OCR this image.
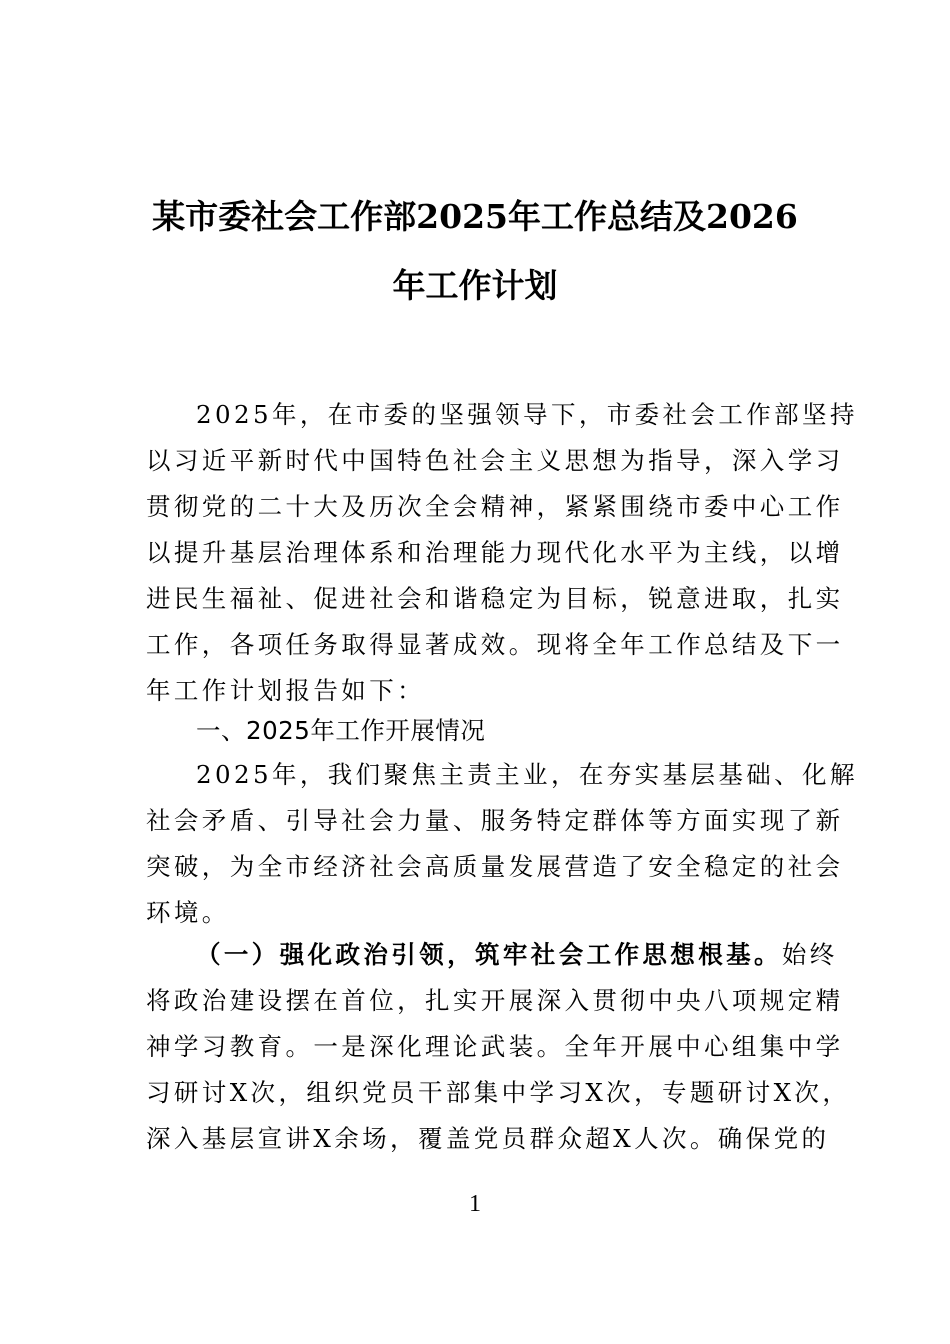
某市委社会工作部2025年工作总结及2026
年工作计划
2025年，在市委的坚强领导下，市委社会工作部坚持
以习近平新时代中国特色社会主义思想为指导，深入学习
贯彻党的二十大及历次全会精神，紧紧围绕市委中心工作
以提升基层治理体系和治理能力现代化水平为主线，以增
进民生福祉、促进社会和谐稳定为目标，锐意进取，扎实
工作，各项任务取得显著成效。现将全年工作总结及下一
年工作计划报告如下：
一、2025年工作开展情况
2025年，我们聚焦主责主业，在夯实基层基础、化解
社会矛盾、引导社会力量、服务特定群体等方面实现了新
突破，为全市经济社会高质量发展营造了安全稳定的社会
环境。
（一）强化政治引领，筑牢社会工作思想根基。始终
将政治建设摆在首位，扎实开展深入贯彻中央八项规定精
神学习教育。一是深化理论武装。全年开展中心组集中学
习研讨X次，组织党员干部集中学习X次，专题研讨X次，
深入基层宣讲X余场，覆盖党员群众超X人次。确保党的
1
